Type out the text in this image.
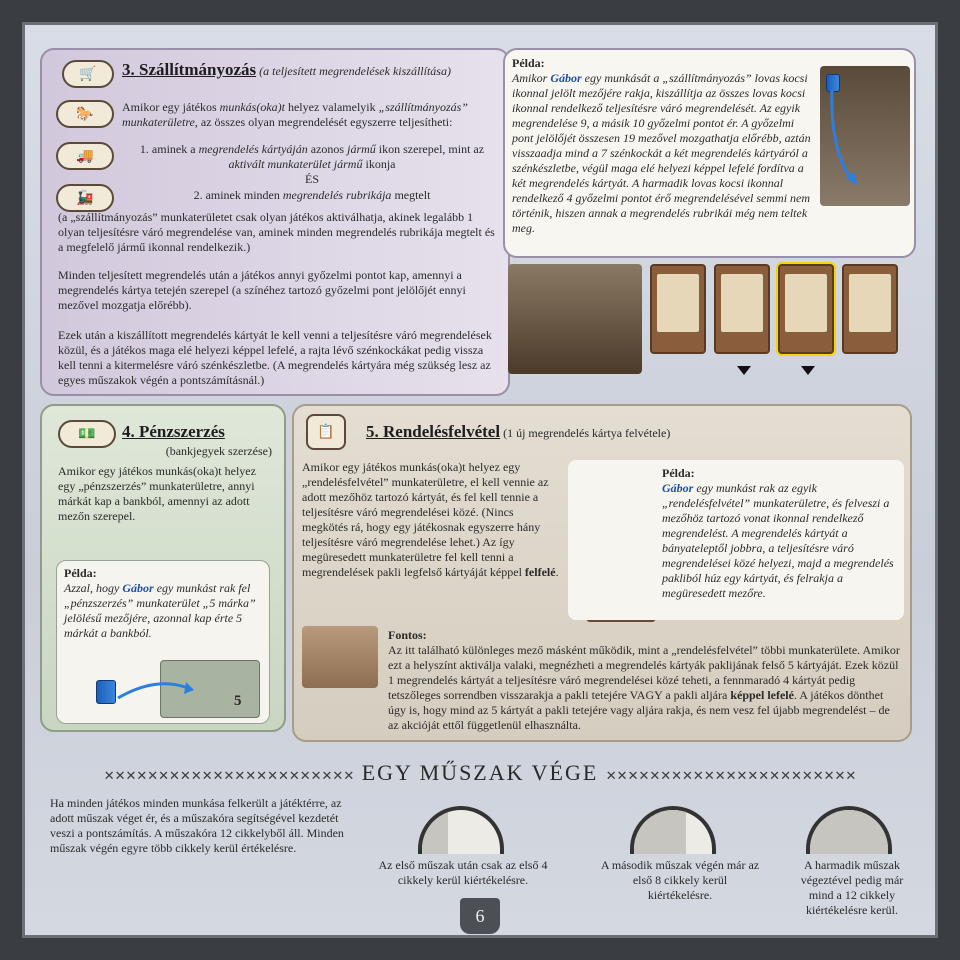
🛒
🐎
🚚
🚂
3. Szállítmányozás (a teljesített megrendelések kiszállítása)
Amikor egy játékos munkás(oka)t helyez valamelyik „szállítmányozás” munkaterületre, az összes olyan megrendelését egyszerre teljesítheti:
1. aminek a megrendelés kártyáján azonos jármű ikon szerepel, mint az aktivált munkaterület jármű ikonja
ÉS
2. aminek minden megrendelés rubrikája megtelt
(a „szállítmányozás” munkaterületet csak olyan játékos aktiválhatja, akinek legalább 1 olyan teljesítésre váró megrendelése van, aminek minden megrendelés rubrikája megtelt és a megfelelő jármű ikonnal rendelkezik.)
Minden teljesített megrendelés után a játékos annyi győzelmi pontot kap, amennyi a megrendelés kártya tetején szerepel (a színéhez tartozó győzelmi pont jelölőjét ennyi mezővel mozgatja előrébb).
Ezek után a kiszállított megrendelés kártyát le kell venni a teljesítésre váró megrendelések közül, és a játékos maga elé helyezi képpel lefelé, a rajta lévő szénkockákat pedig vissza kell tenni a kitermelésre váró szénkészletbe. (A megrendelés kártyára még szükség lesz az egyes műszakok végén a pontszámításnál.)
Példa:
Amikor Gábor egy munkását a „szállítmányozás” lovas kocsi ikonnal jelölt mezőjére rakja, kiszállítja az összes lovas kocsi ikonnal rendelkező teljesítésre váró megrendelését. Az egyik megrendelése 9, a másik 10 győzelmi pontot ér. A győzelmi pont jelölőjét összesen 19 mezővel mozgathatja előrébb, aztán visszaadja mind a 7 szénkockát a két megrendelés kártyáról a szénkészletbe, végül maga elé helyezi képpel lefelé fordítva a két megrendelés kártyát. A harmadik lovas kocsi ikonnal rendelkező 4 győzelmi pontot érő megrendelésével semmi nem történik, hiszen annak a megrendelés rubrikái még nem teltek meg.
💵	4. Pénzszerzés
(bankjegyek szerzése)
Amikor egy játékos munkás(oka)t helyez egy „pénzszerzés” munkaterületre, annyi márkát kap a bankból, amennyi az adott mezőn szerepel.
Példa:
Azzal, hogy Gábor egy munkást rak fel „pénzszerzés” munkaterület „5 márka” jelölésű mezőjére, azonnal kap érte 5 márkát a bankból.
5
📋	5. Rendelésfelvétel (1 új megrendelés kártya felvétele)
Amikor egy játékos munkás(oka)t helyez egy „rendelésfelvétel” munkaterületre, el kell vennie az adott mezőhöz tartozó kártyát, és fel kell tennie a teljesítésre váró megrendelései közé. (Nincs megkötés rá, hogy egy játékosnak egyszerre hány teljesítésre váró megrendelése lehet.) Az így megüresedett munkaterületre fel kell tenni a megrendelések pakli legfelső kártyáját képpel felfelé.
Példa:
Gábor egy munkást rak az egyik „rendelésfelvétel” munkaterületre, és felveszi a mezőhöz tartozó vonat ikonnal rendelkező megrendelést. A megrendelés kártyát a bányateleptől jobbra, a teljesítésre váró megrendelései közé helyezi, majd a megrendelés pakliból húz egy kártyát, és felrakja a megüresedett mezőre.
Fontos:
Az itt található különleges mező másként működik, mint a „rendelésfelvétel” többi munkaterülete. Amikor ezt a helyszínt aktiválja valaki, megnézheti a megrendelés kártyák paklijának felső 5 kártyáját. Ezek közül 1 megrendelés kártyát a teljesítésre váró megrendelései közé teheti, a fennmaradó 4 kártyát pedig tetszőleges sorrendben visszarakja a pakli tetejére VAGY a pakli aljára képpel lefelé. A játékos dönthet úgy is, hogy mind az 5 kártyát a pakli tetejére vagy aljára rakja, és nem vesz fel újabb megrendelést – de az akcióját ettől függetlenül elhasználta.
✕✕✕✕✕✕✕✕✕✕✕✕✕✕✕✕✕✕✕✕✕✕✕ EGY MŰSZAK VÉGE ✕✕✕✕✕✕✕✕✕✕✕✕✕✕✕✕✕✕✕✕✕✕✕
Ha minden játékos minden munkása felkerült a játéktérre, az adott műszak véget ér, és a műszakóra segítségével kezdetét veszi a pontszámítás. A műszakóra 12 cikkelyből áll. Minden műszak végén egyre több cikkely kerül értékelésre.
Az első műszak után csak az első 4 cikkely kerül kiértékelésre.
A második műszak végén már az első 8 cikkely kerül kiértékelésre.
A harmadik műszak végeztével pedig már mind a 12 cikkely kiértékelésre kerül.
6
